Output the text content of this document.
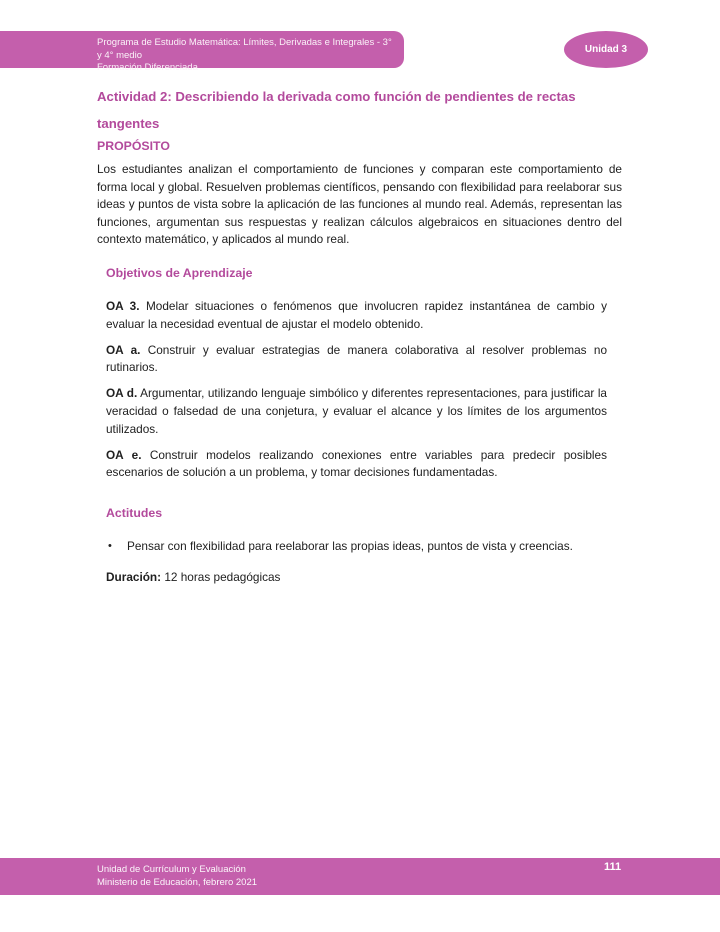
Programa de Estudio Matemática: Límites, Derivadas e Integrales - 3° y 4° medio
Formación Diferenciada
Unidad 3
Actividad 2: Describiendo la derivada como función de pendientes de rectas
tangentes
PROPÓSITO

Los estudiantes analizan el comportamiento de funciones y comparan este comportamiento de forma local y global. Resuelven problemas científicos, pensando con flexibilidad para reelaborar sus ideas y puntos de vista sobre la aplicación de las funciones al mundo real. Además, representan las funciones, argumentan sus respuestas y realizan cálculos algebraicos en situaciones dentro del contexto matemático, y aplicados al mundo real.

Objetivos de Aprendizaje

OA 3. Modelar situaciones o fenómenos que involucren rapidez instantánea de cambio y evaluar la necesidad eventual de ajustar el modelo obtenido.

OA a. Construir y evaluar estrategias de manera colaborativa al resolver problemas no rutinarios.

OA d. Argumentar, utilizando lenguaje simbólico y diferentes representaciones, para justificar la veracidad o falsedad de una conjetura, y evaluar el alcance y los límites de los argumentos utilizados.

OA e. Construir modelos realizando conexiones entre variables para predecir posibles escenarios de solución a un problema, y tomar decisiones fundamentadas.

Actitudes
•	Pensar con flexibilidad para reelaborar las propias ideas, puntos de vista y creencias.
Duración: 12 horas pedagógicas
Unidad de Currículum y Evaluación
Ministerio de Educación, febrero 2021
111
